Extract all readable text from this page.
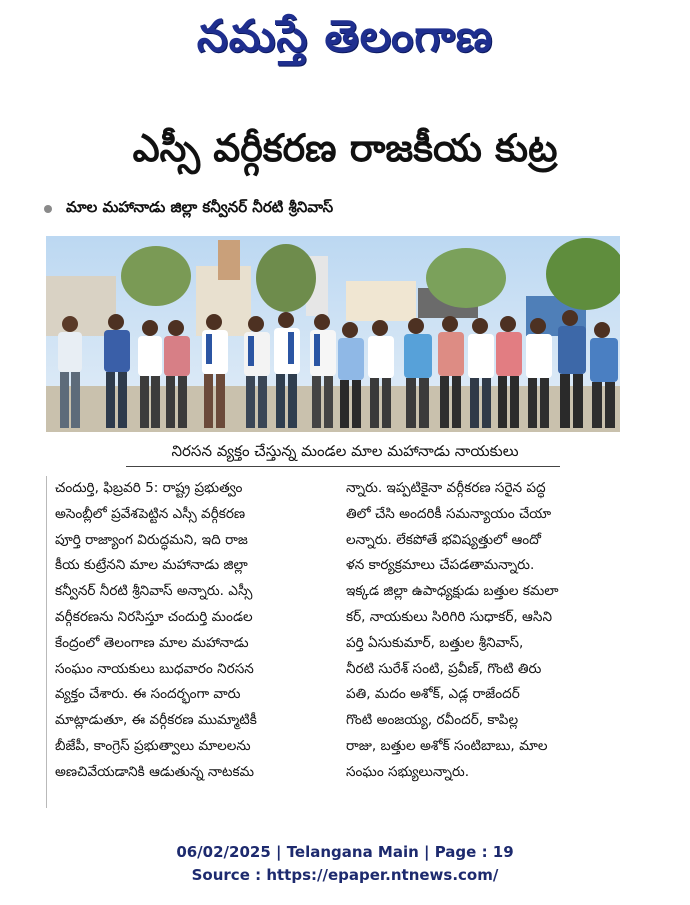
నమస్తే తెలంగాణ
ఎస్సీ వర్గీకరణ రాజకీయ కుట్ర
మాల మహానాడు జిల్లా కన్వీనర్ నీరటి శ్రీనివాస్
నిరసన వ్యక్తం చేస్తున్న మండల మాల మహానాడు నాయకులు
చందుర్తి, ఫిబ్రవరి 5: రాష్ట్ర ప్రభుత్వం
అసెంబ్లీలో ప్రవేశపెట్టిన ఎస్సీ వర్గీకరణ
పూర్తి రాజ్యాంగ విరుద్ధమని, ఇది రాజ
కీయ కుట్రేనని మాల మహానాడు జిల్లా
కన్వీనర్ నీరటి శ్రీనివాస్ అన్నారు. ఎస్సీ
వర్గీకరణను నిరసిస్తూ చందుర్తి మండల
కేంద్రంలో తెలంగాణ మాల మహానాడు
సంఘం నాయకులు బుధవారం నిరసన
వ్యక్తం చేశారు. ఈ సందర్భంగా వారు
మాట్లాడుతూ, ఈ వర్గీకరణ ముమ్మాటికీ
బీజేపీ, కాంగ్రెస్ ప్రభుత్వాలు మాలలను
అణచివేయడానికి ఆడుతున్న నాటకమ
న్నారు. ఇప్పటికైనా వర్గీకరణ సరైన పద్ధ
తిలో చేసి అందరికీ సమన్యాయం చేయా
లన్నారు. లేకపోతే భవిష్యత్తులో ఆందో
ళన కార్యక్రమాలు చేపడతామన్నారు.
ఇక్కడ జిల్లా ఉపాధ్యక్షుడు బత్తుల కమలా
కర్, నాయకులు సిరిగిరి సుధాకర్, ఆసిని
పర్తి ఏసుకుమార్, బత్తుల శ్రీనివాస్,
నీరటి సురేశ్ సంటి, ప్రవీణ్, గొంటి తిరు
పతి, మదం అశోక్, ఎడ్ల రాజేందర్
గొంటి అంజయ్య, రవీందర్, కాపిల్ల
రాజు, బత్తుల అశోక్ సంటిబాబు, మాల
సంఘం సభ్యులున్నారు.
06/02/2025 | Telangana Main | Page : 19
Source : https://epaper.ntnews.com/
